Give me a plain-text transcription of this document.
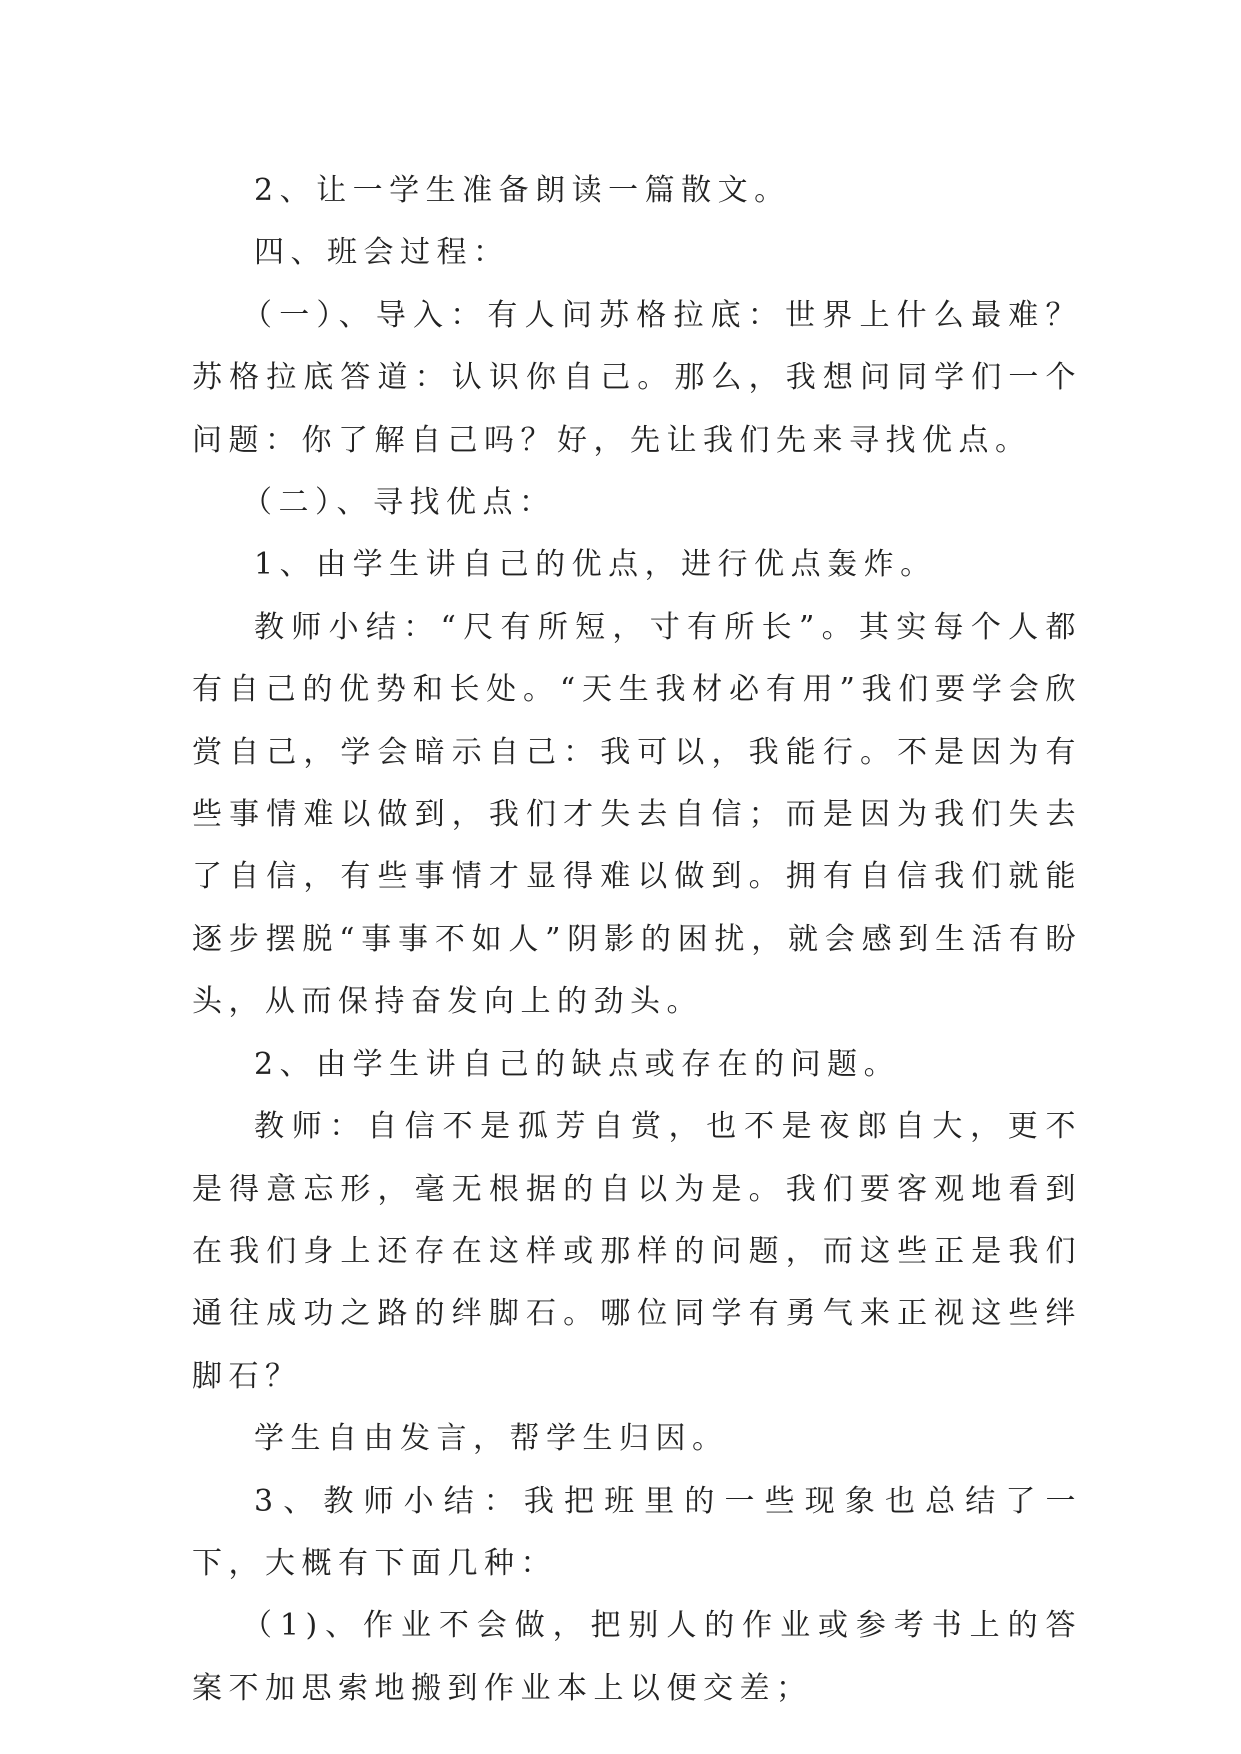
2、让一学生准备朗读一篇散文。

四、班会过程：

（一）、导入：有人问苏格拉底：世界上什么最难？苏格拉底答道：认识你自己。那么，我想问同学们一个问题：你了解自己吗？好，先让我们先来寻找优点。

（二）、寻找优点：

1、由学生讲自己的优点，进行优点轰炸。

教师小结：“尺有所短，寸有所长”。其实每个人都有自己的优势和长处。“天生我材必有用”我们要学会欣赏自己，学会暗示自己：我可以，我能行。不是因为有些事情难以做到，我们才失去自信；而是因为我们失去了自信，有些事情才显得难以做到。拥有自信我们就能逐步摆脱“事事不如人”阴影的困扰，就会感到生活有盼头，从而保持奋发向上的劲头。

2、由学生讲自己的缺点或存在的问题。

教师：自信不是孤芳自赏，也不是夜郎自大，更不是得意忘形，毫无根据的自以为是。我们要客观地看到在我们身上还存在这样或那样的问题，而这些正是我们通往成功之路的绊脚石。哪位同学有勇气来正视这些绊脚石？

学生自由发言，帮学生归因。

3、教师小结：我把班里的一些现象也总结了一下，大概有下面几种：

（1)、作业不会做，把别人的作业或参考书上的答案不加思索地搬到作业本上以便交差；
